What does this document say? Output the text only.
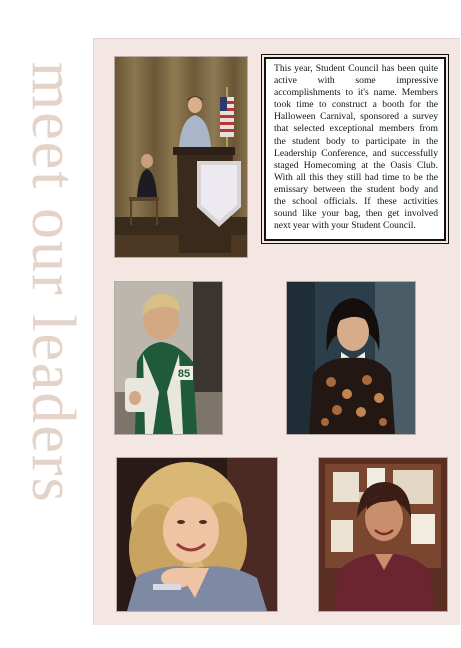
meet our leaders	This year, Student Council has been quite active with some impressive accomplishments to it's name. Members took time to construct a booth for the Halloween Carnival, sponsored a survey that selected exceptional members from the student body to participate in the Leadership Conference, and successfully staged Homecoming at the Oasis Club. With all this they still had time to be the emissary between the student body and the school officials. If these activities sound like your bag, then get involved next year with your Student Council.
85
